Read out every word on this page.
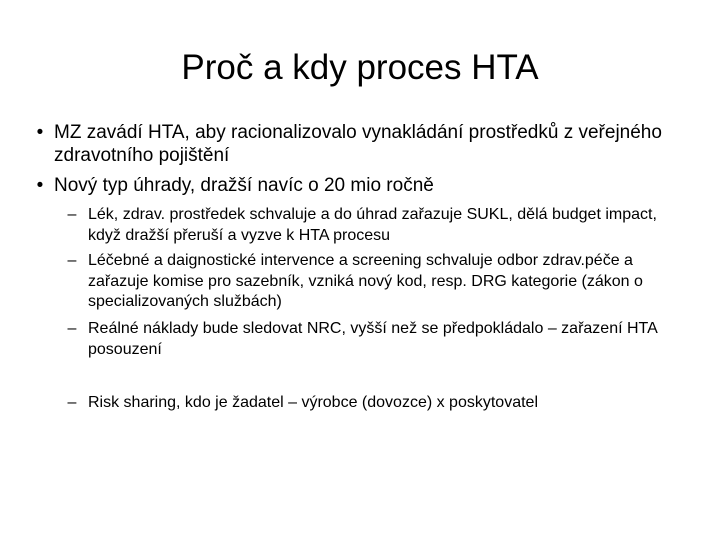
Proč a kdy proces HTA
• MZ zavádí HTA, aby racionalizovalo vynakládání prostředků z veřejného zdravotního pojištění
• Nový typ úhrady, dražší navíc o 20 mio ročně
– Lék, zdrav. prostředek schvaluje a do úhrad zařazuje SUKL, dělá budget impact, když dražší přeruší a vyzve k HTA procesu
– Léčebné a daignostické intervence a screening schvaluje odbor zdrav.péče a zařazuje komise pro sazebník, vzniká nový kod, resp. DRG kategorie (zákon o specializovaných službách)
– Reálné náklady bude sledovat NRC, vyšší než se předpokládalo – zařazení HTA posouzení
– Risk sharing, kdo je žadatel – výrobce (dovozce) x poskytovatel
